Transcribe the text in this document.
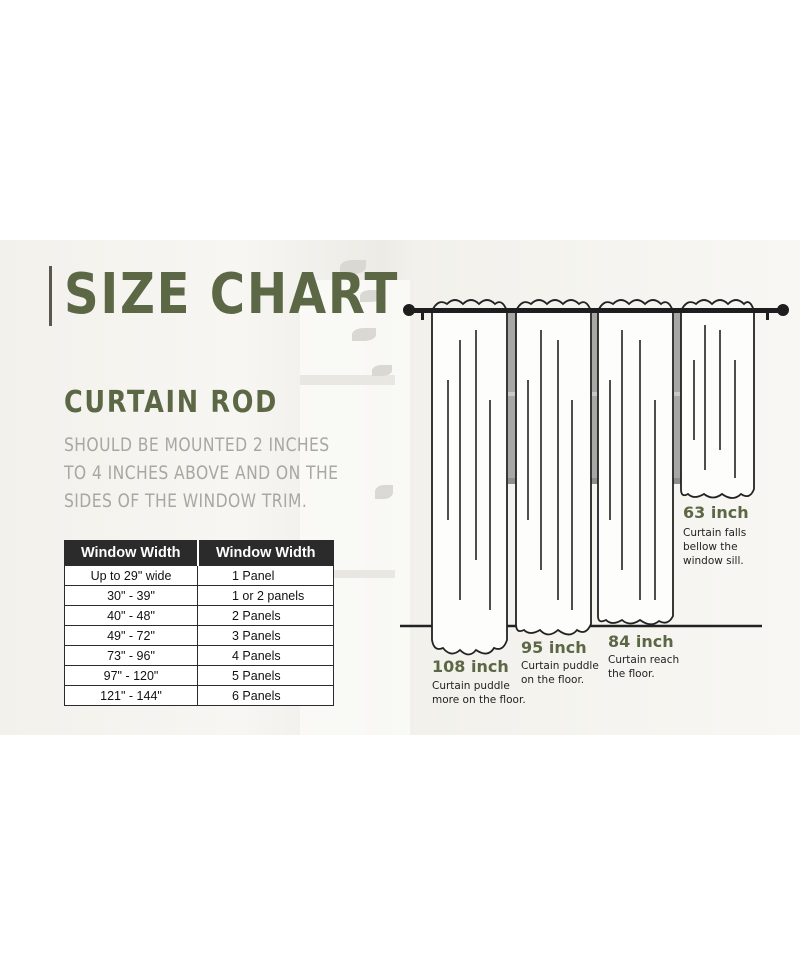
SIZE CHART
CURTAIN ROD
SHOULD BE MOUNTED 2 INCHES
TO 4 INCHES ABOVE AND ON THE
SIDES OF THE WINDOW TRIM.
Window Width	Window Width
Up to 29" wide	1 Panel
30" - 39"	1 or 2 panels
40" - 48"	2 Panels
49" - 72"	3 Panels
73" - 96"	4 Panels
97" - 120"	5 Panels
121" - 144"	6 Panels
108 inch
Curtain puddle
more on the floor.
95 inch
Curtain puddle
on the floor.
84 inch
Curtain reach
the floor.
63 inch
Curtain falls
bellow the
window sill.
